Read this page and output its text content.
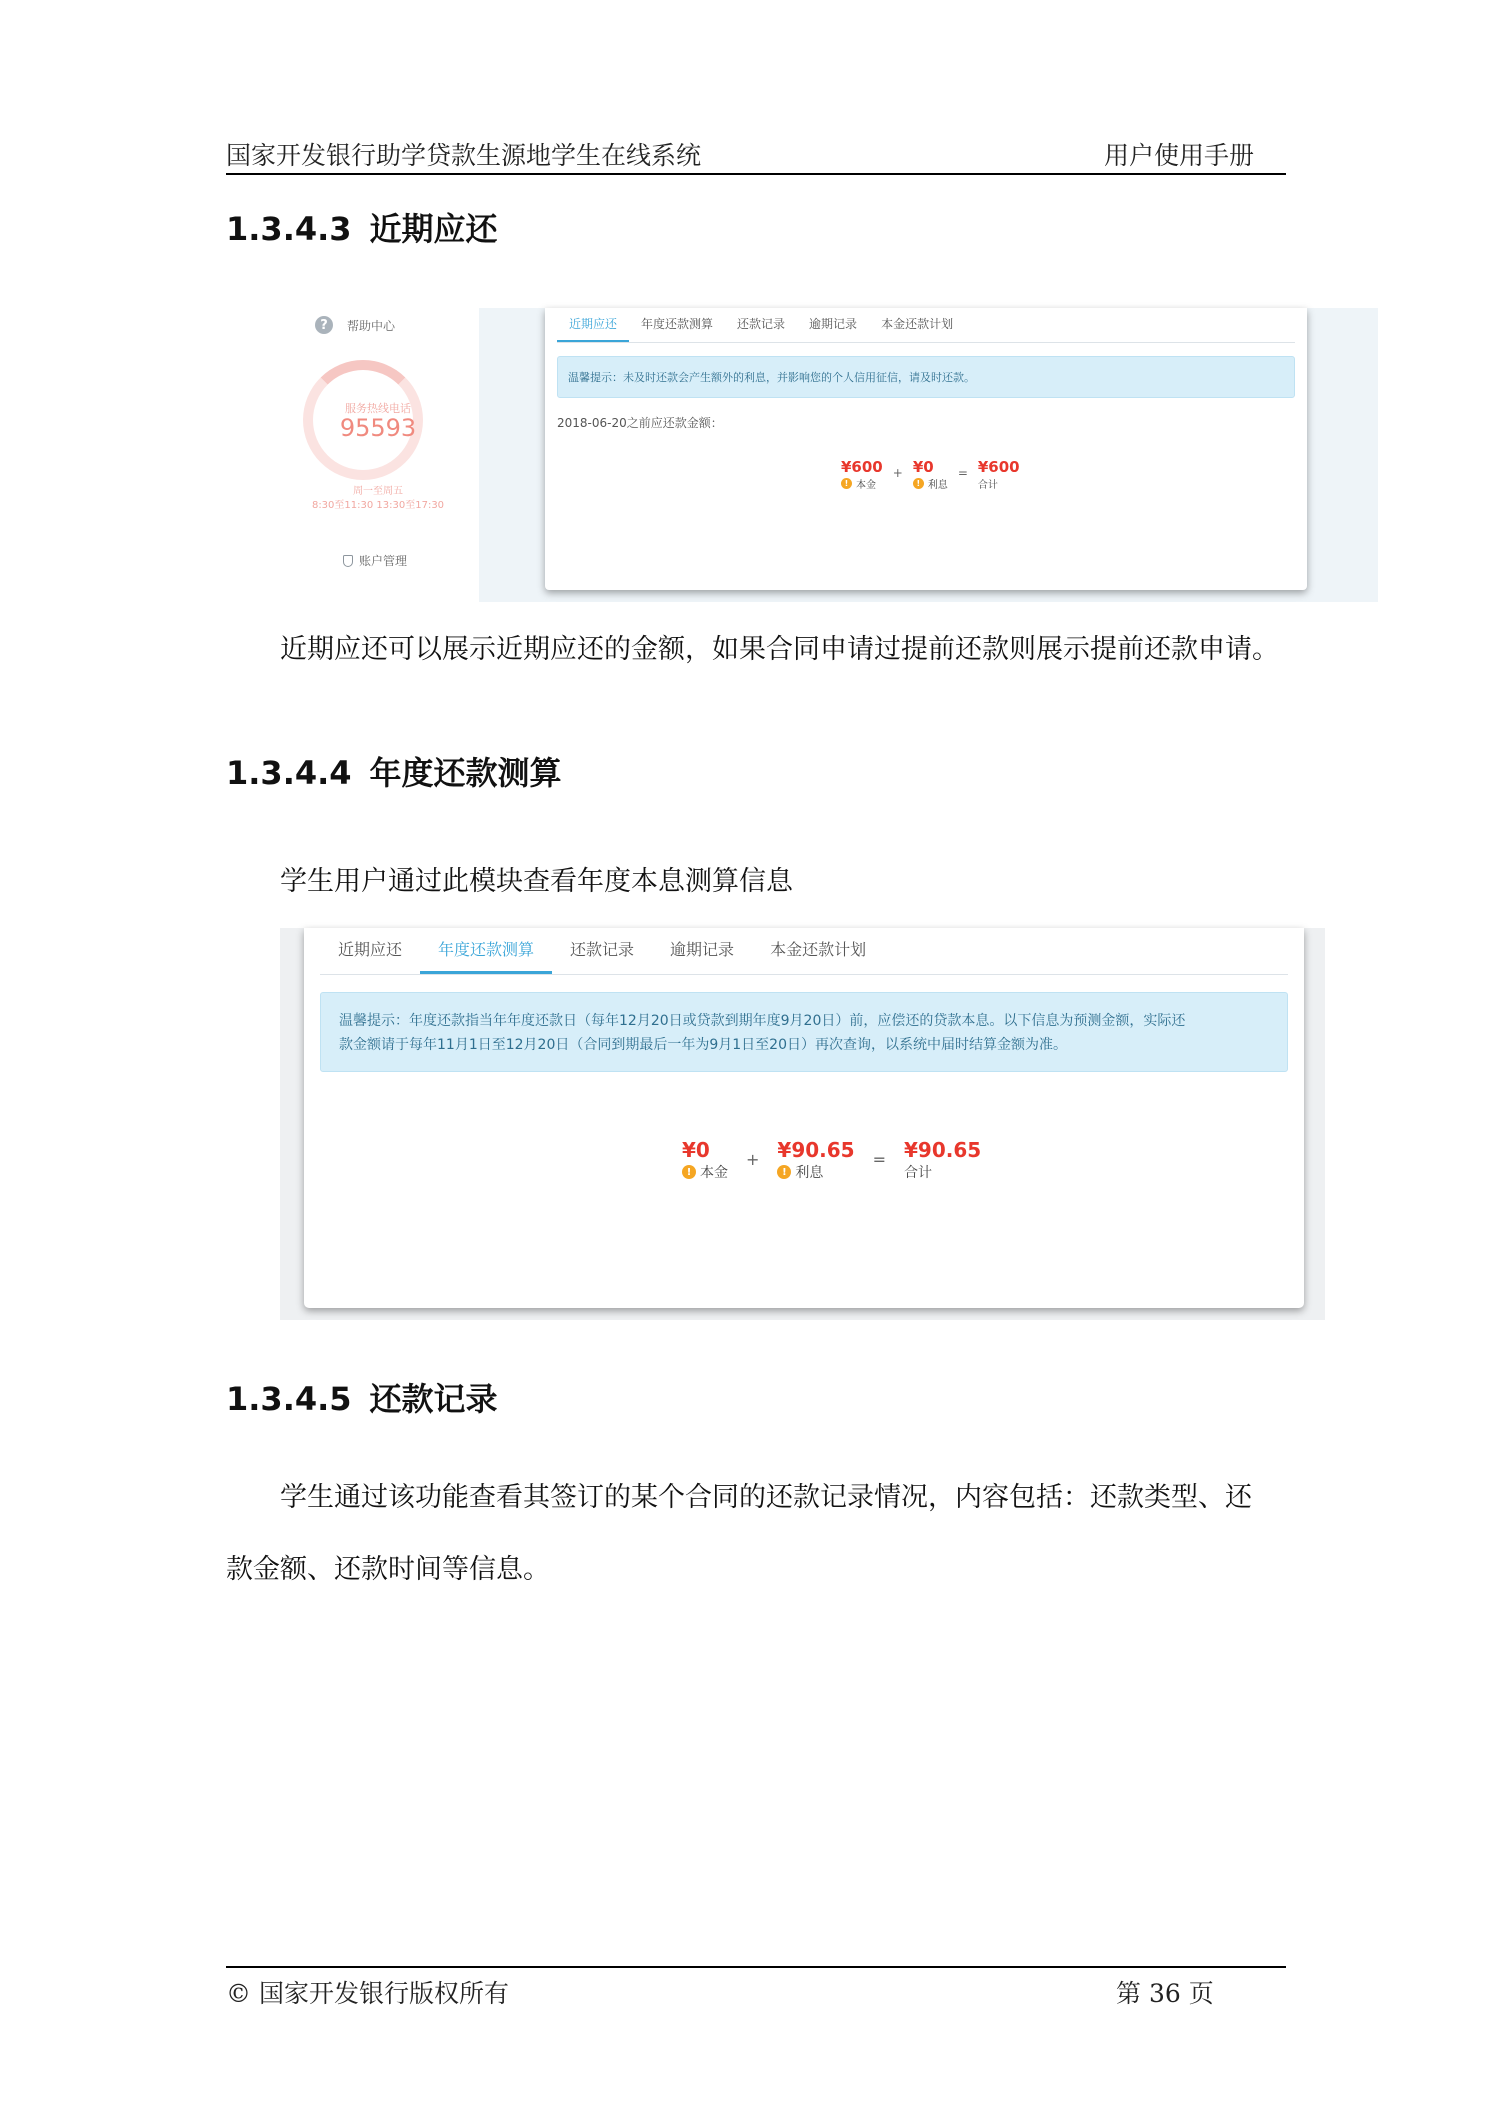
国家开发银行助学贷款生源地学生在线系统	用户使用手册
1.3.4.3 近期应还
?	帮助中心
服务热线电话
95593
周一至周五
8:30至11:30 13:30至17:30
账户管理
近期应还	年度还款测算	还款记录	逾期记录	本金还款计划
温馨提示：未及时还款会产生额外的利息，并影响您的个人信用征信，请及时还款。
2018-06-20之前应还款金额：
¥600
! 本金
+ ¥0
! 利息
= ¥600
合计
近期应还可以展示近期应还的金额，如果合同申请过提前还款则展示提前还款申请。
1.3.4.4 年度还款测算
学生用户通过此模块查看年度本息测算信息
近期应还	年度还款测算	还款记录	逾期记录	本金还款计划
温馨提示：年度还款指当年年度还款日（每年12月20日或贷款到期年度9月20日）前，应偿还的贷款本息。以下信息为预测金额，实际还
款金额请于每年11月1日至12月20日（合同到期最后一年为9月1日至20日）再次查询，以系统中届时结算金额为准。
¥0
! 本金
+ ¥90.65
! 利息
= ¥90.65
合计
1.3.4.5 还款记录
学生通过该功能查看其签订的某个合同的还款记录情况，内容包括：还款类型、还
款金额、还款时间等信息。
© 国家开发银行版权所有	第 36 页
